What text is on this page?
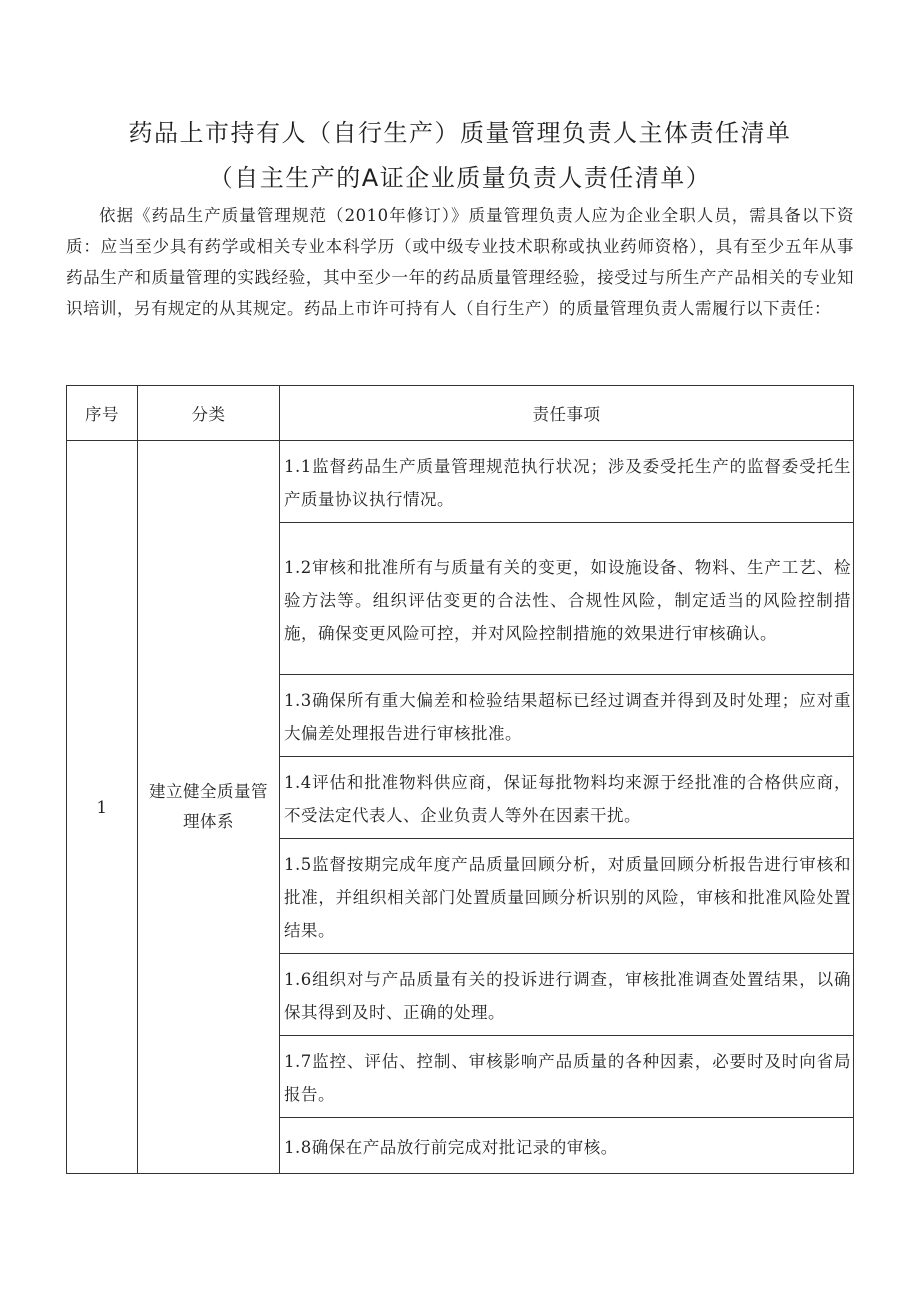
药品上市持有人（自行生产）质量管理负责人主体责任清单
（自主生产的A证企业质量负责人责任清单）

依据《药品生产质量管理规范（2010年修订）》质量管理负责人应为企业全职人员，需具备以下资质：应当至少具有药学或相关专业本科学历（或中级专业技术职称或执业药师资格），具有至少五年从事药品生产和质量管理的实践经验，其中至少一年的药品质量管理经验，接受过与所生产产品相关的专业知识培训，另有规定的从其规定。药品上市许可持有人（自行生产）的质量管理负责人需履行以下责任：

序号	分类	责任事项
1	建立健全质量管理体系	1.1监督药品生产质量管理规范执行状况；涉及委受托生产的监督委受托生产质量协议执行情况。
		1.2审核和批准所有与质量有关的变更，如设施设备、物料、生产工艺、检验方法等。组织评估变更的合法性、合规性风险，制定适当的风险控制措施，确保变更风险可控，并对风险控制措施的效果进行审核确认。
		1.3确保所有重大偏差和检验结果超标已经过调查并得到及时处理；应对重大偏差处理报告进行审核批准。
		1.4评估和批准物料供应商，保证每批物料均来源于经批准的合格供应商，不受法定代表人、企业负责人等外在因素干扰。
		1.5监督按期完成年度产品质量回顾分析，对质量回顾分析报告进行审核和批准，并组织相关部门处置质量回顾分析识别的风险，审核和批准风险处置结果。
		1.6组织对与产品质量有关的投诉进行调查，审核批准调查处置结果，以确保其得到及时、正确的处理。
		1.7监控、评估、控制、审核影响产品质量的各种因素，必要时及时向省局报告。
		1.8确保在产品放行前完成对批记录的审核。
